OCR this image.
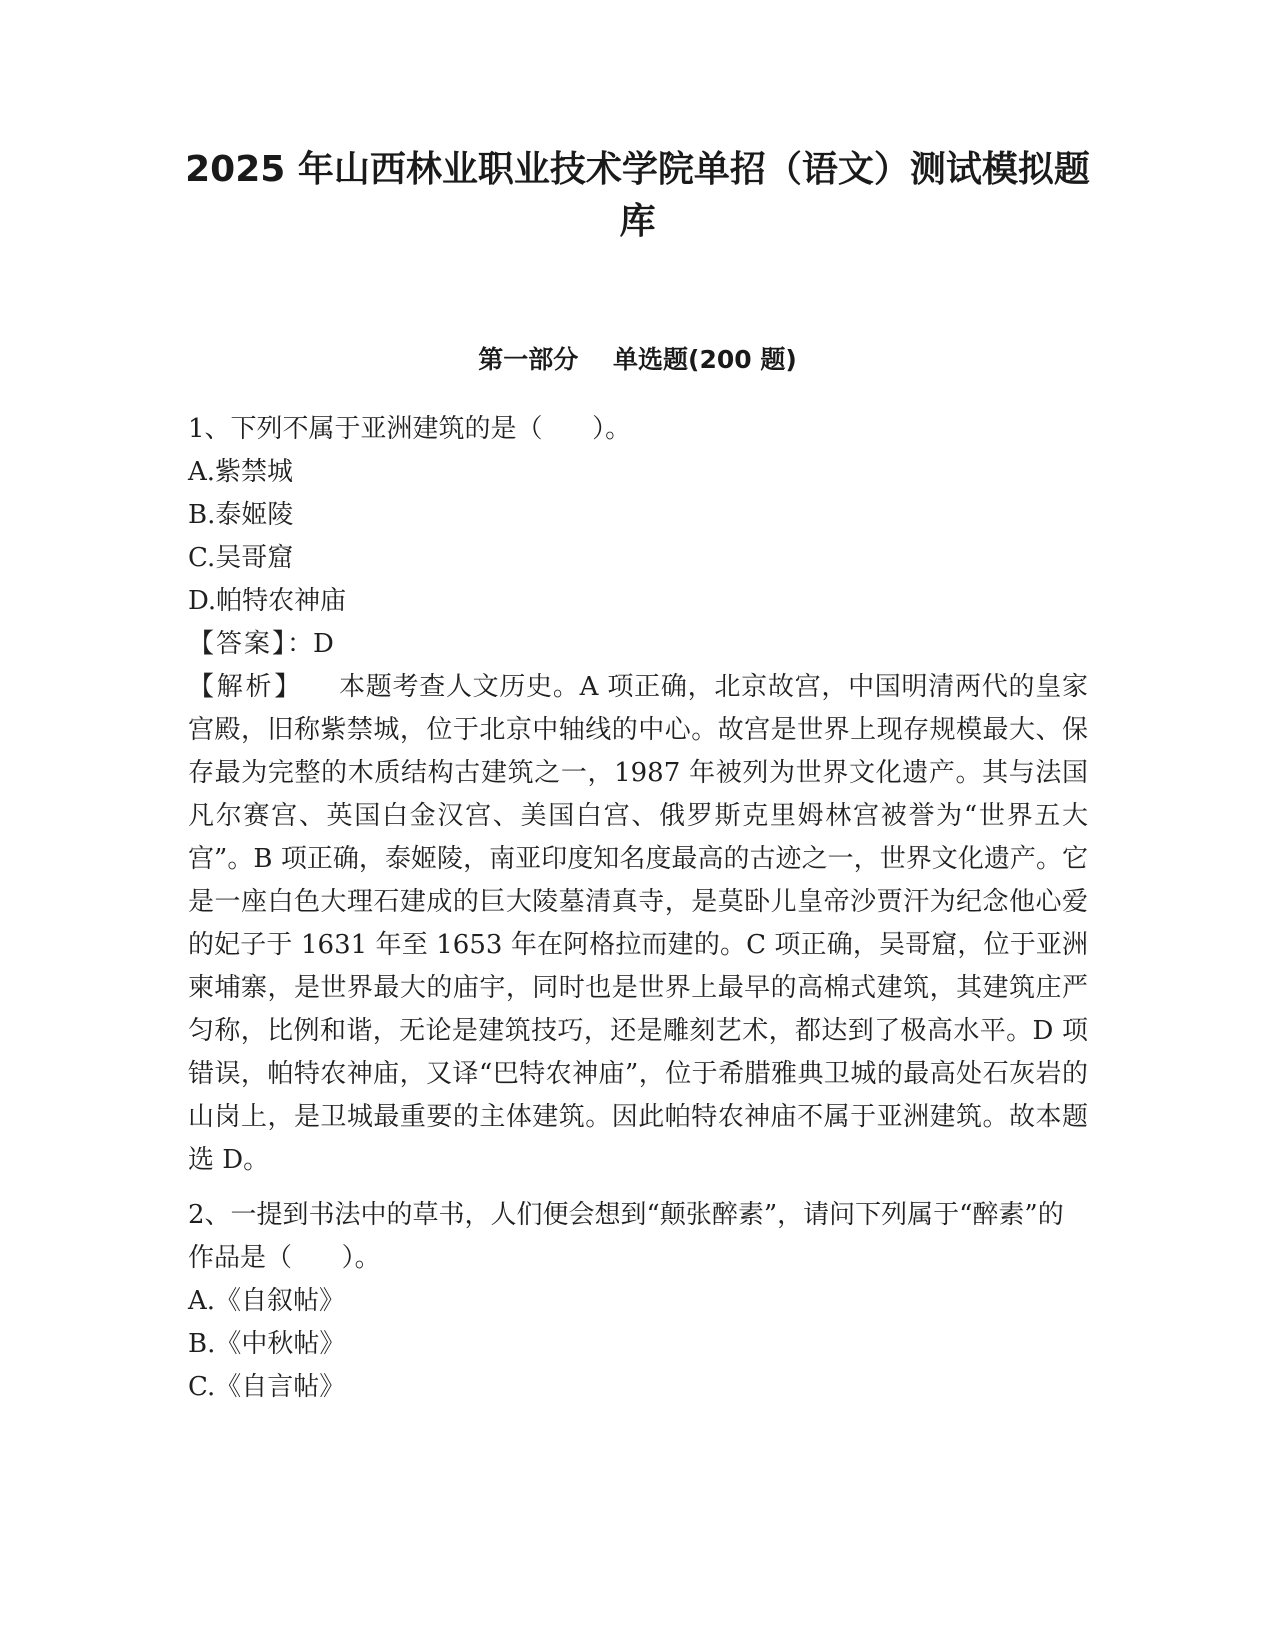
2025 年山西林业职业技术学院单招（语文）测试模拟题库
第一部分    单选题(200 题)

1、下列不属于亚洲建筑的是（      ）。

A.紫禁城

B.泰姬陵

C.吴哥窟

D.帕特农神庙

【答案】：D

【解析】    本题考查人文历史。A 项正确，北京故宫，中国明清两代的皇家宫殿，旧称紫禁城，位于北京中轴线的中心。故宫是世界上现存规模最大、保存最为完整的木质结构古建筑之一，1987 年被列为世界文化遗产。其与法国凡尔赛宫、英国白金汉宫、美国白宫、俄罗斯克里姆林宫被誉为“世界五大宫”。B 项正确，泰姬陵，南亚印度知名度最高的古迹之一，世界文化遗产。它是一座白色大理石建成的巨大陵墓清真寺，是莫卧儿皇帝沙贾汗为纪念他心爱的妃子于 1631 年至 1653 年在阿格拉而建的。C 项正确，吴哥窟，位于亚洲柬埔寨，是世界最大的庙宇，同时也是世界上最早的高棉式建筑，其建筑庄严匀称，比例和谐，无论是建筑技巧，还是雕刻艺术，都达到了极高水平。D 项错误，帕特农神庙，又译“巴特农神庙”，位于希腊雅典卫城的最高处石灰岩的山岗上，是卫城最重要的主体建筑。因此帕特农神庙不属于亚洲建筑。故本题选 D。

2、一提到书法中的草书，人们便会想到“颠张醉素”，请问下列属于“醉素”的作品是（      ）。

A.《自叙帖》

B.《中秋帖》

C.《自言帖》
